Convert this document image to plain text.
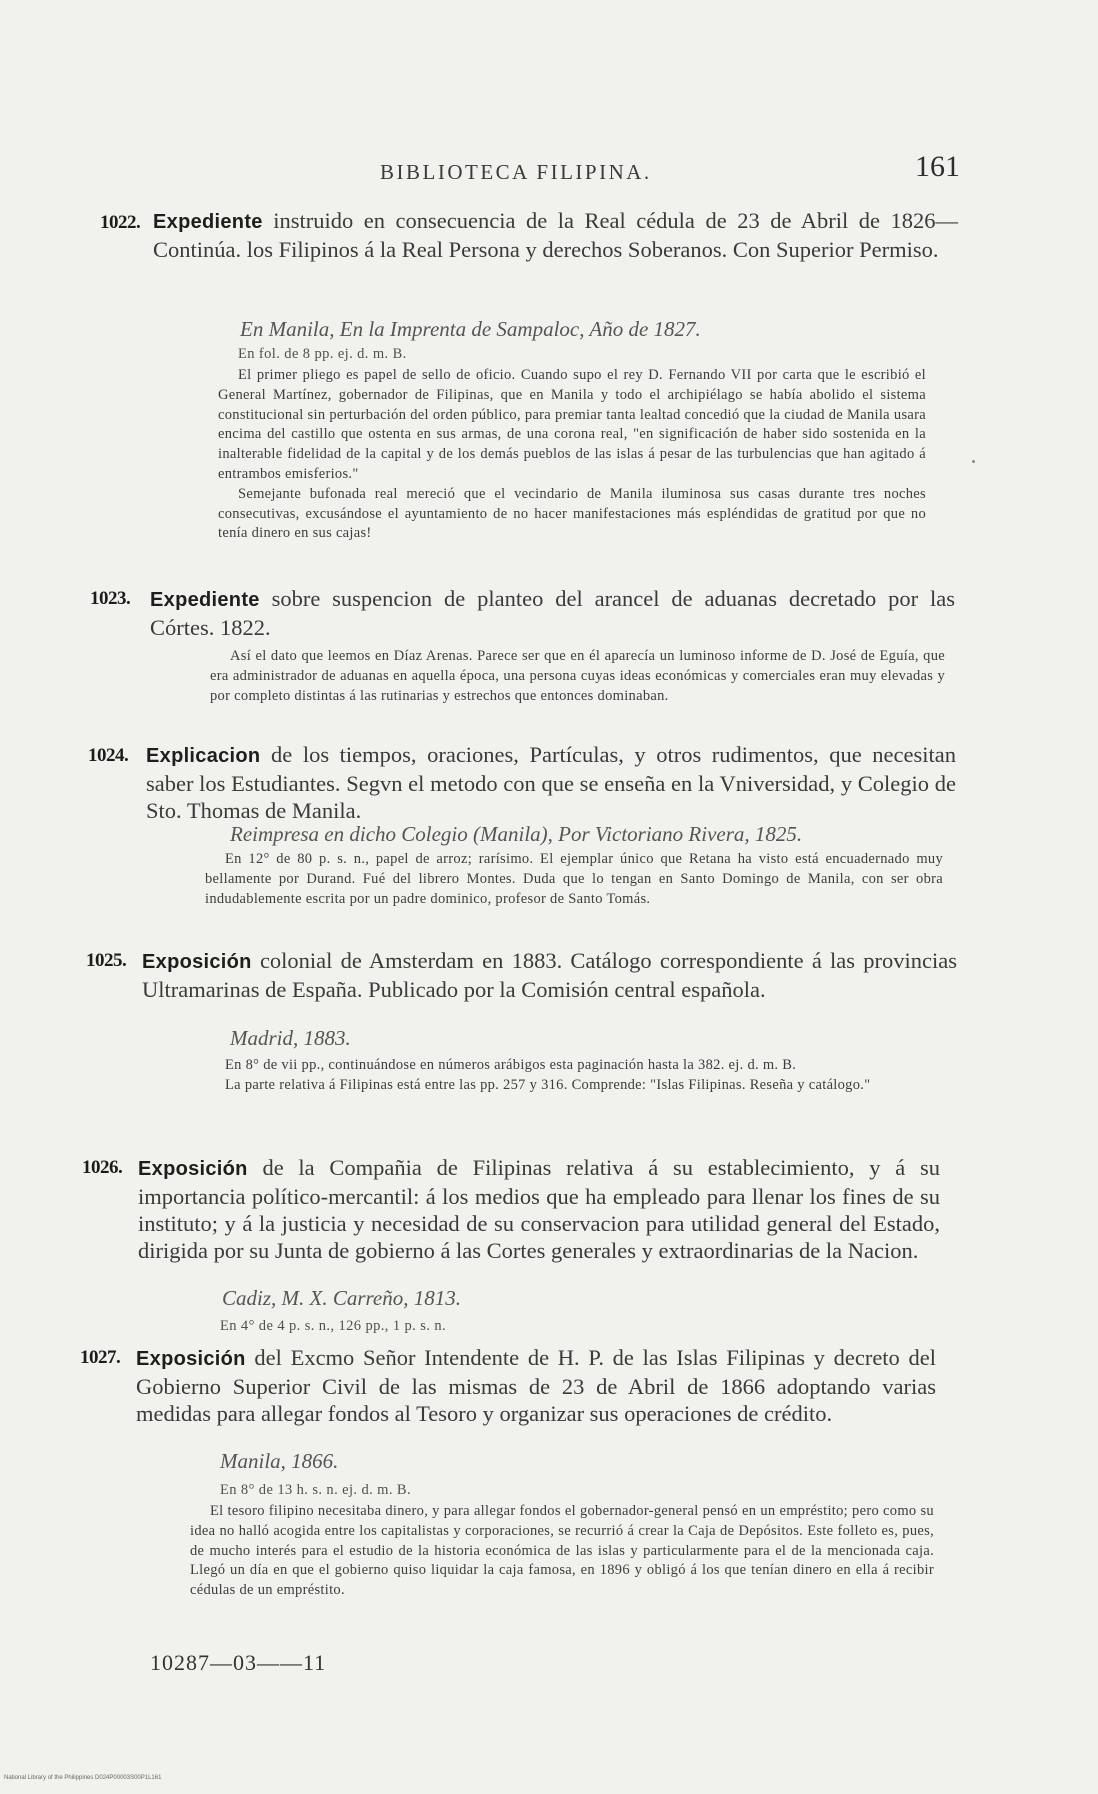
BIBLIOTECA FILIPINA.	161
1022. Expediente instruido en consecuencia de la Real cédula de 23 de Abril de 1826—Continúa. los Filipinos á la Real Persona y derechos Soberanos. Con Superior Permiso.
En Manila, En la Imprenta de Sampaloc, Año de 1827.
En fol. de 8 pp. ej. d. m. B.

El primer pliego es papel de sello de oficio. Cuando supo el rey D. Fernando VII por carta que le escribió el General Martínez, gobernador de Filipinas, que en Manila y todo el archipiélago se había abolido el sistema constitucional sin perturbación del orden público, para premiar tanta lealtad concedió que la ciudad de Manila usara encima del castillo que ostenta en sus armas, de una corona real, "en significación de haber sido sostenida en la inalterable fidelidad de la capital y de los demás pueblos de las islas á pesar de las turbulencias que han agitado á entrambos emisferios."

Semejante bufonada real mereció que el vecindario de Manila iluminosa sus casas durante tres noches consecutivas, excusándose el ayuntamiento de no hacer manifestaciones más espléndidas de gratitud por que no tenía dinero en sus cajas!

1023. Expediente sobre suspencion de planteo del arancel de aduanas decretado por las Córtes. 1822.

Así el dato que leemos en Díaz Arenas. Parece ser que en él aparecía un luminoso informe de D. José de Eguía, que era administrador de aduanas en aquella época, una persona cuyas ideas económicas y comerciales eran muy elevadas y por completo distintas á las rutinarias y estrechos que entonces dominaban.

1024. Explicacion de los tiempos, oraciones, Partículas, y otros rudimentos, que necesitan saber los Estudiantes. Segvn el metodo con que se enseña en la Vniversidad, y Colegio de Sto. Thomas de Manila.
Reimpresa en dicho Colegio (Manila), Por Victoriano Rivera, 1825.

En 12° de 80 p. s. n., papel de arroz; rarísimo. El ejemplar único que Retana ha visto está encuadernado muy bellamente por Durand. Fué del librero Montes. Duda que lo tengan en Santo Domingo de Manila, con ser obra indudablemente escrita por un padre dominico, profesor de Santo Tomás.

1025. Exposición colonial de Amsterdam en 1883. Catálogo correspondiente á las provincias Ultramarinas de España. Publicado por la Comisión central española.
Madrid, 1883.

En 8° de vii pp., continuándose en números arábigos esta paginación hasta la 382. ej. d. m. B.

La parte relativa á Filipinas está entre las pp. 257 y 316. Comprende: "Islas Filipinas. Reseña y catálogo."

1026. Exposición de la Compañia de Filipinas relativa á su establecimiento, y á su importancia político-mercantil: á los medios que ha empleado para llenar los fines de su instituto; y á la justicia y necesidad de su conservacion para utilidad general del Estado, dirigida por su Junta de gobierno á las Cortes generales y extraordinarias de la Nacion.
Cadiz, M. X. Carreño, 1813.
En 4° de 4 p. s. n., 126 pp., 1 p. s. n.
1027. Exposición del Excmo Señor Intendente de H. P. de las Islas Filipinas y decreto del Gobierno Superior Civil de las mismas de 23 de Abril de 1866 adoptando varias medidas para allegar fondos al Tesoro y organizar sus operaciones de crédito.
Manila, 1866.
En 8° de 13 h. s. n. ej. d. m. B.

El tesoro filipino necesitaba dinero, y para allegar fondos el gobernador-general pensó en un empréstito; pero como su idea no halló acogida entre los capitalistas y corporaciones, se recurrió á crear la Caja de Depósitos. Este folleto es, pues, de mucho interés para el estudio de la historia económica de las islas y particularmente para el de la mencionada caja. Llegó un día en que el gobierno quiso liquidar la caja famosa, en 1896 y obligó á los que tenían dinero en ella á recibir cédulas de un empréstito.

10287—03——11
National Library of the Philippines D024P00003S00P1L161
